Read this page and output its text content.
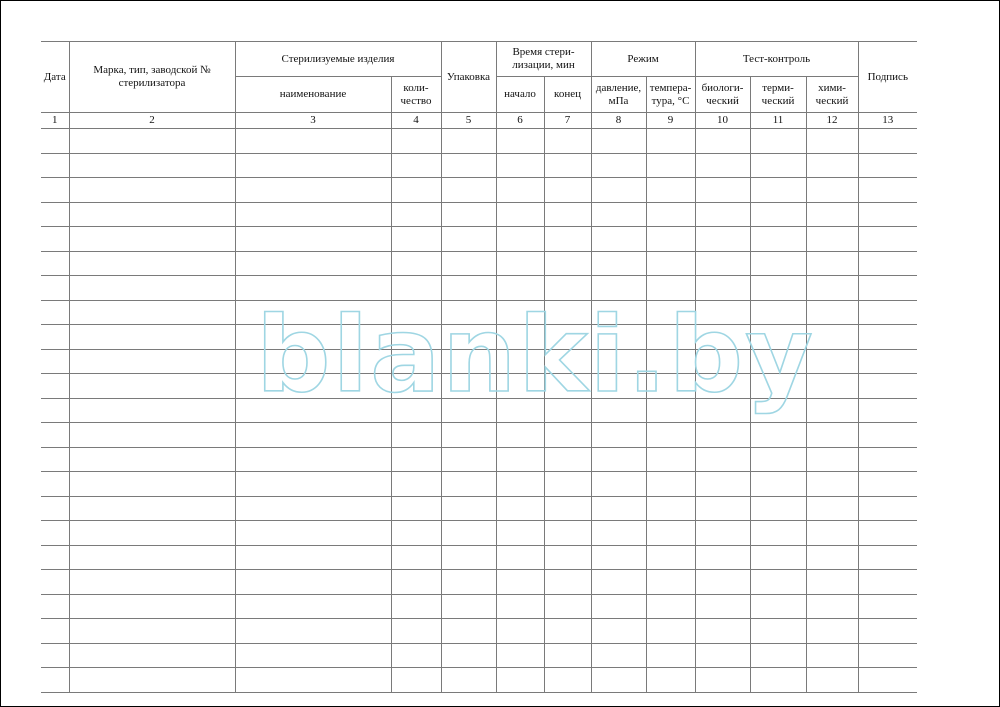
Дата	Марка, тип, заводской № стерилизатора	Стерилизуемые изделия		Упаковка	Время стери-лизации, мин		Режим		Тест-контроль			Подпись
		наименование	коли-чество		начало	конец	давление, мПа	темпера-тура, °С	биологи-ческий	терми-ческий	хими-ческий	
1	2	3	4	5	6	7	8	9	10	11	12	13

blanki.by
